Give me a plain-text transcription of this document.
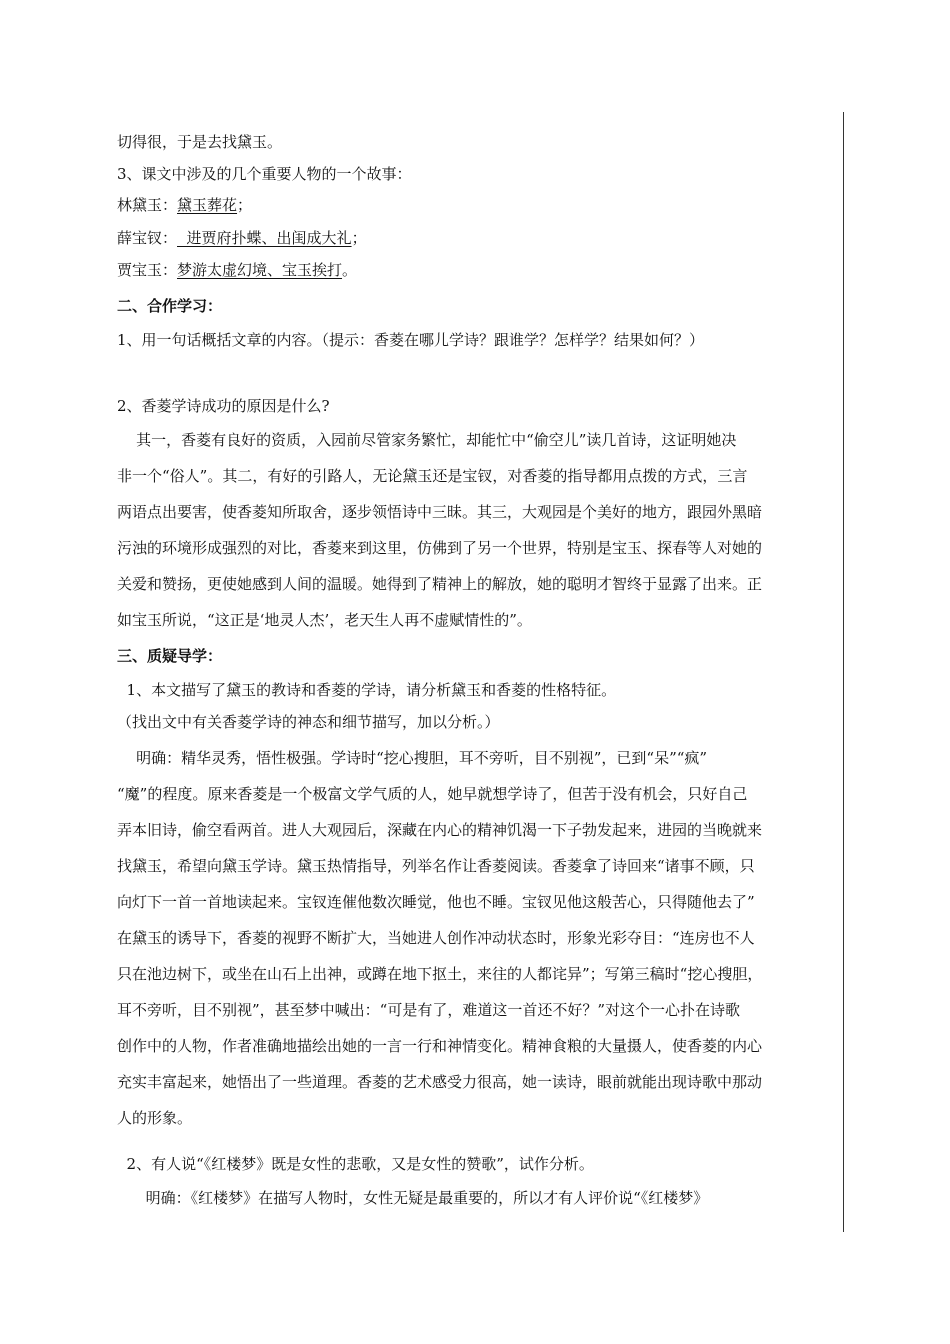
切得很，于是去找黛玉。
3、课文中涉及的几个重要人物的一个故事：
林黛玉：黛玉葬花；
薛宝钗：  进贾府扑蝶、出闺成大礼；
贾宝玉：梦游太虚幻境、宝玉挨打。
二、合作学习：
1、用一句话概括文章的内容。（提示：香菱在哪儿学诗？跟谁学？怎样学？结果如何？）
2、香菱学诗成功的原因是什么?
其一，香菱有良好的资质，入园前尽管家务繁忙，却能忙中“偷空儿”读几首诗，这证明她决
非一个“俗人”。其二，有好的引路人，无论黛玉还是宝钗，对香菱的指导都用点拨的方式，三言
两语点出要害，使香菱知所取舍，逐步领悟诗中三昧。其三，大观园是个美好的地方，跟园外黑暗
污浊的环境形成强烈的对比，香菱来到这里，仿佛到了另一个世界，特别是宝玉、探春等人对她的
关爱和赞扬，更使她感到人间的温暖。她得到了精神上的解放，她的聪明才智终于显露了出来。正
如宝玉所说，“这正是‘地灵人杰’，老天生人再不虚赋情性的”。
三、质疑导学：
1、本文描写了黛玉的教诗和香菱的学诗，请分析黛玉和香菱的性格特征。
（找出文中有关香菱学诗的神态和细节描写，加以分析。）
明确：精华灵秀，悟性极强。学诗时“挖心搜胆，耳不旁听，目不别视”，已到“呆”“疯”
“魔”的程度。原来香菱是一个极富文学气质的人，她早就想学诗了，但苦于没有机会，只好自己
弄本旧诗，偷空看两首。进人大观园后，深藏在内心的精神饥渴一下子勃发起来，进园的当晚就来
找黛玉，希望向黛玉学诗。黛玉热情指导，列举名作让香菱阅读。香菱拿了诗回来“诸事不顾，只
向灯下一首一首地读起来。宝钗连催他数次睡觉，他也不睡。宝钗见他这般苦心，只得随他去了”
在黛玉的诱导下，香菱的视野不断扩大，当她进人创作冲动状态时，形象光彩夺目：“连房也不人
只在池边树下，或坐在山石上出神，或蹲在地下抠土，来往的人都诧异”；写第三稿时“挖心搜胆，
耳不旁听，目不别视”，甚至梦中喊出：“可是有了，难道这一首还不好？”对这个一心扑在诗歌
创作中的人物，作者准确地描绘出她的一言一行和神情变化。精神食粮的大量摄人，使香菱的内心
充实丰富起来，她悟出了一些道理。香菱的艺术感受力很高，她一读诗，眼前就能出现诗歌中那动
人的形象。
2、有人说“《红楼梦》既是女性的悲歌，又是女性的赞歌”，试作分析。
明确：《红楼梦》在描写人物时，女性无疑是最重要的，所以才有人评价说“《红楼梦》
